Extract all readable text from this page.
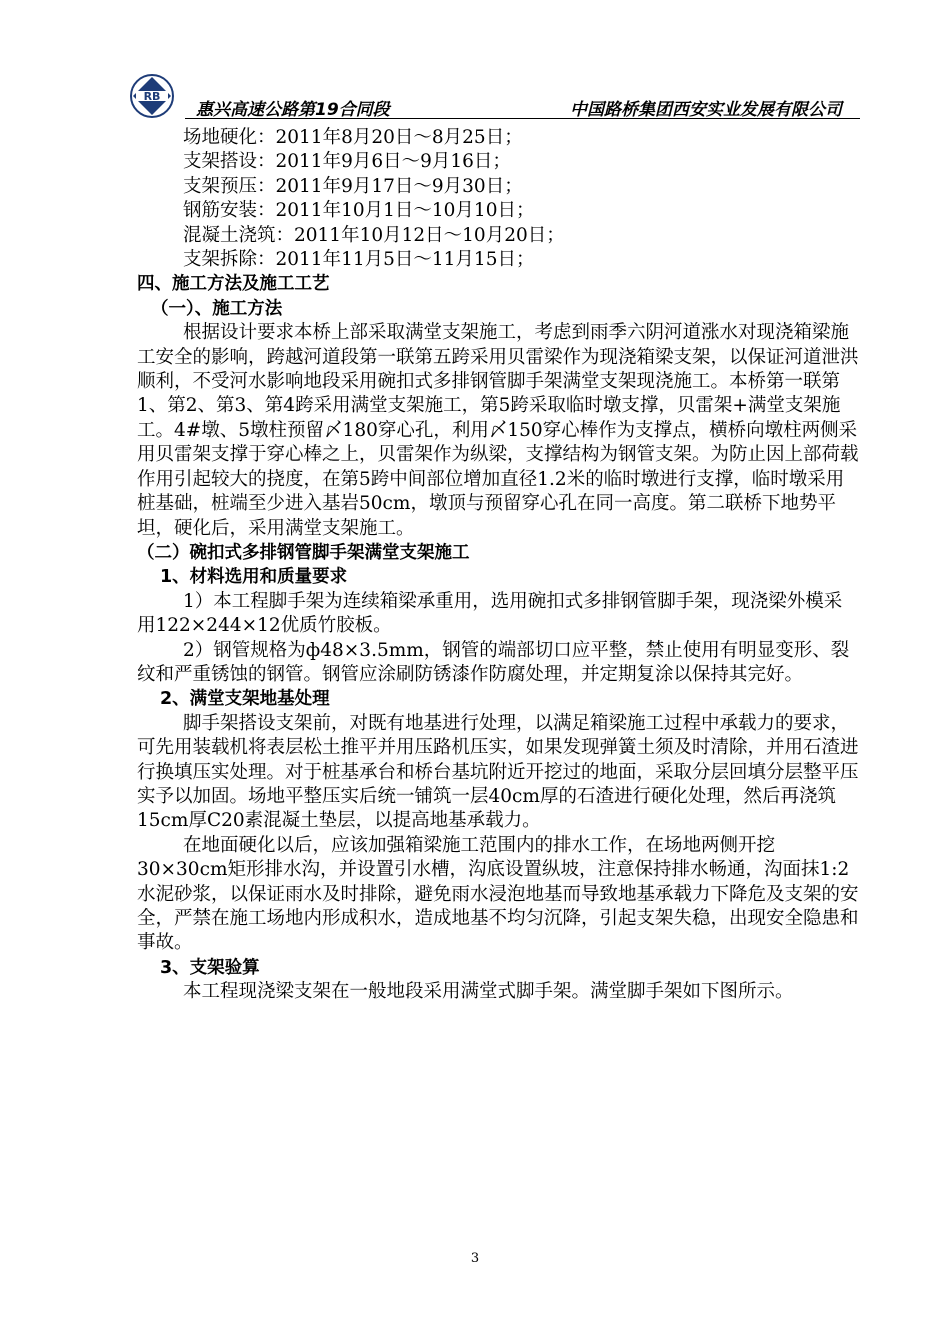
RB
惠兴高速公路第19合同段	中国路桥集团西安实业发展有限公司

场地硬化：2011年8月20日～8月25日；

支架搭设：2011年9月6日～9月16日；

支架预压：2011年9月17日～9月30日；

钢筋安装：2011年10月1日～10月10日；

混凝土浇筑：2011年10月12日～10月20日；

支架拆除：2011年11月5日～11月15日；

四、施工方法及施工工艺

（一）、施工方法

根据设计要求本桥上部采取满堂支架施工，考虑到雨季六阴河道涨水对现浇箱梁施工安全的影响，跨越河道段第一联第五跨采用贝雷梁作为现浇箱梁支架，以保证河道泄洪顺利，不受河水影响地段采用碗扣式多排钢管脚手架满堂支架现浇施工。本桥第一联第1、第2、第3、第4跨采用满堂支架施工，第5跨采取临时墩支撑，贝雷架+满堂支架施工。4#墩、5墩柱预留〆180穿心孔，利用〆150穿心棒作为支撑点，横桥向墩柱两侧采用贝雷架支撑于穿心棒之上，贝雷架作为纵梁，支撑结构为钢管支架。为防止因上部荷载作用引起较大的挠度，在第5跨中间部位增加直径1.2米的临时墩进行支撑，临时墩采用桩基础，桩端至少进入基岩50cm，墩顶与预留穿心孔在同一高度。第二联桥下地势平坦，硬化后，采用满堂支架施工。

（二）碗扣式多排钢管脚手架满堂支架施工

1、材料选用和质量要求

1）本工程脚手架为连续箱梁承重用，选用碗扣式多排钢管脚手架，现浇梁外模采用122×244×12优质竹胶板。

2）钢管规格为ф48×3.5mm，钢管的端部切口应平整，禁止使用有明显变形、裂纹和严重锈蚀的钢管。钢管应涂刷防锈漆作防腐处理，并定期复涂以保持其完好。

2、满堂支架地基处理

脚手架搭设支架前，对既有地基进行处理，以满足箱梁施工过程中承载力的要求，可先用装载机将表层松土推平并用压路机压实，如果发现弹簧土须及时清除，并用石渣进行换填压实处理。对于桩基承台和桥台基坑附近开挖过的地面，采取分层回填分层整平压实予以加固。场地平整压实后统一铺筑一层40cm厚的石渣进行硬化处理，然后再浇筑15cm厚C20素混凝土垫层，以提高地基承载力。

在地面硬化以后，应该加强箱梁施工范围内的排水工作，在场地两侧开挖30×30cm矩形排水沟，并设置引水槽，沟底设置纵坡，注意保持排水畅通，沟面抹1:2水泥砂浆，以保证雨水及时排除，避免雨水浸泡地基而导致地基承载力下降危及支架的安全，严禁在施工场地内形成积水，造成地基不均匀沉降，引起支架失稳，出现安全隐患和事故。

3、支架验算

本工程现浇梁支架在一般地段采用满堂式脚手架。满堂脚手架如下图所示。

3
